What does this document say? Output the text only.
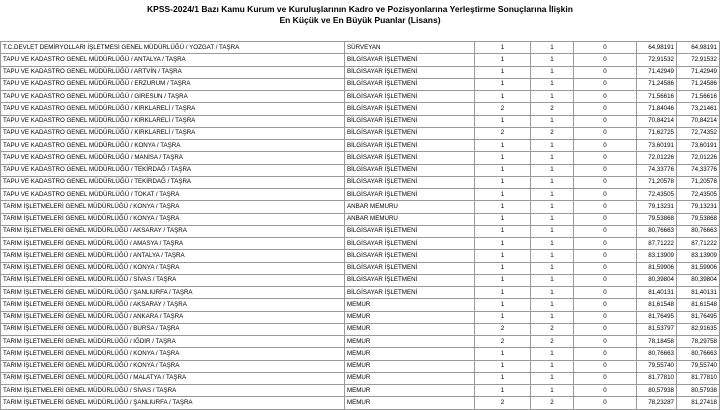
KPSS-2024/1 Bazı Kamu Kurum ve Kuruluşlarının Kadro ve Pozisyonlarına Yerleştirme Sonuçlarına İlişkin
En Küçük ve En Büyük Puanlar (Lisans)
T.C.DEVLET DEMİRYOLLARI İŞLETMESİ GENEL MÜDÜRLÜĞÜ / YOZGAT / TAŞRA	SÜRVEYAN	1	1	0	64,98191	64,98191
TAPU VE KADASTRO GENEL MÜDÜRLÜĞÜ / ANTALYA / TAŞRA	BİLGİSAYAR İŞLETMENİ	1	1	0	72,91532	72,91532
TAPU VE KADASTRO GENEL MÜDÜRLÜĞÜ / ARTVİN / TAŞRA	BİLGİSAYAR İŞLETMENİ	1	1	0	71,42949	71,42949
TAPU VE KADASTRO GENEL MÜDÜRLÜĞÜ / ERZURUM / TAŞRA	BİLGİSAYAR İŞLETMENİ	1	1	0	71,24586	71,24586
TAPU VE KADASTRO GENEL MÜDÜRLÜĞÜ / GİRESUN / TAŞRA	BİLGİSAYAR İŞLETMENİ	1	1	0	71,56616	71,56616
TAPU VE KADASTRO GENEL MÜDÜRLÜĞÜ / KIRKLARELİ / TAŞRA	BİLGİSAYAR İŞLETMENİ	2	2	0	71,84046	73,21461
TAPU VE KADASTRO GENEL MÜDÜRLÜĞÜ / KIRKLARELİ / TAŞRA	BİLGİSAYAR İŞLETMENİ	1	1	0	70,84214	70,84214
TAPU VE KADASTRO GENEL MÜDÜRLÜĞÜ / KIRKLARELİ / TAŞRA	BİLGİSAYAR İŞLETMENİ	2	2	0	71,62725	72,74352
TAPU VE KADASTRO GENEL MÜDÜRLÜĞÜ / KONYA / TAŞRA	BİLGİSAYAR İŞLETMENİ	1	1	0	73,60191	73,60191
TAPU VE KADASTRO GENEL MÜDÜRLÜĞÜ / MANİSA / TAŞRA	BİLGİSAYAR İŞLETMENİ	1	1	0	72,01226	72,01226
TAPU VE KADASTRO GENEL MÜDÜRLÜĞÜ / TEKİRDAĞ / TAŞRA	BİLGİSAYAR İŞLETMENİ	1	1	0	74,33776	74,33776
TAPU VE KADASTRO GENEL MÜDÜRLÜĞÜ / TEKİRDAĞ / TAŞRA	BİLGİSAYAR İŞLETMENİ	1	1	0	71,20578	71,20578
TAPU VE KADASTRO GENEL MÜDÜRLÜĞÜ / TOKAT / TAŞRA	BİLGİSAYAR İŞLETMENİ	1	1	0	72,43505	72,43505
TARIM İŞLETMELERİ GENEL MÜDÜRLÜĞÜ / KONYA / TAŞRA	ANBAR MEMURU	1	1	0	79,13231	79,13231
TARIM İŞLETMELERİ GENEL MÜDÜRLÜĞÜ / KONYA / TAŞRA	ANBAR MEMURU	1	1	0	79,53868	79,53868
TARIM İŞLETMELERİ GENEL MÜDÜRLÜĞÜ / AKSARAY / TAŞRA	BİLGİSAYAR İŞLETMENİ	1	1	0	80,76663	80,76663
TARIM İŞLETMELERİ GENEL MÜDÜRLÜĞÜ / AMASYA / TAŞRA	BİLGİSAYAR İŞLETMENİ	1	1	0	87,71222	87,71222
TARIM İŞLETMELERİ GENEL MÜDÜRLÜĞÜ / ANTALYA / TAŞRA	BİLGİSAYAR İŞLETMENİ	1	1	0	83,13909	83,13909
TARIM İŞLETMELERİ GENEL MÜDÜRLÜĞÜ / KONYA / TAŞRA	BİLGİSAYAR İŞLETMENİ	1	1	0	81,59906	81,59906
TARIM İŞLETMELERİ GENEL MÜDÜRLÜĞÜ / SİVAS / TAŞRA	BİLGİSAYAR İŞLETMENİ	1	1	0	80,39804	80,39804
TARIM İŞLETMELERİ GENEL MÜDÜRLÜĞÜ / ŞANLIURFA / TAŞRA	BİLGİSAYAR İŞLETMENİ	1	1	0	81,40131	81,40131
TARIM İŞLETMELERİ GENEL MÜDÜRLÜĞÜ / AKSARAY / TAŞRA	MEMUR	1	1	0	81,61548	81,61548
TARIM İŞLETMELERİ GENEL MÜDÜRLÜĞÜ / ANKARA / TAŞRA	MEMUR	1	1	0	81,76495	81,76495
TARIM İŞLETMELERİ GENEL MÜDÜRLÜĞÜ / BURSA / TAŞRA	MEMUR	2	2	0	81,53797	82,91635
TARIM İŞLETMELERİ GENEL MÜDÜRLÜĞÜ / IĞDIR / TAŞRA	MEMUR	2	2	0	78,18458	78,29758
TARIM İŞLETMELERİ GENEL MÜDÜRLÜĞÜ / KONYA / TAŞRA	MEMUR	1	1	0	80,76663	80,76663
TARIM İŞLETMELERİ GENEL MÜDÜRLÜĞÜ / KONYA / TAŞRA	MEMUR	1	1	0	79,55740	79,55740
TARIM İŞLETMELERİ GENEL MÜDÜRLÜĞÜ / MALATYA / TAŞRA	MEMUR	1	1	0	81,77810	81,77810
TARIM İŞLETMELERİ GENEL MÜDÜRLÜĞÜ / SİVAS / TAŞRA	MEMUR	1	1	0	80,57938	80,57938
TARIM İŞLETMELERİ GENEL MÜDÜRLÜĞÜ / ŞANLIURFA / TAŞRA	MEMUR	2	2	0	78,23287	81,27418
